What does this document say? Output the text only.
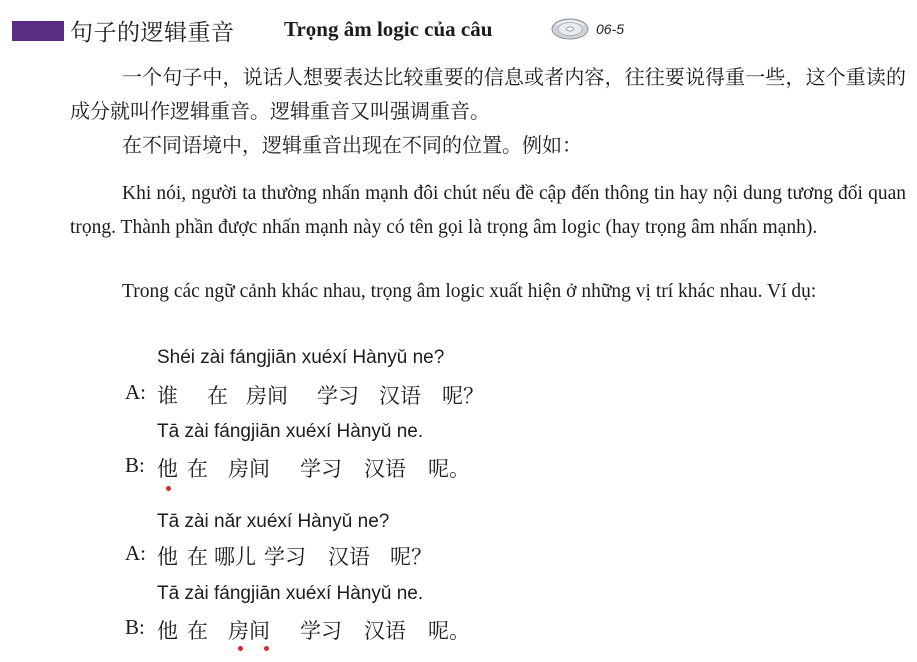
句子的逻辑重音 Trọng âm logic của câu	06-5

一个句子中，说话人想要表达比较重要的信息或者内容，往往要说得重一些，这个重读的成分就叫作逻辑重音。逻辑重音又叫强调重音。

在不同语境中，逻辑重音出现在不同的位置。例如：

Khi nói, người ta thường nhấn mạnh đôi chút nếu đề cập đến thông tin hay nội dung tương đối quan trọng. Thành phần được nhấn mạnh này có tên gọi là trọng âm logic (hay trọng âm nhấn mạnh).

Trong các ngữ cảnh khác nhau, trọng âm logic xuất hiện ở những vị trí khác nhau. Ví dụ:

Shéi zài fángjiān xuéxí Hànyǔ ne?
A: 谁 在 房间 学习 汉语 呢？
Tā zài fángjiān xuéxí Hànyǔ ne.
B: 他 在 房间 学习 汉语 呢。
Tā zài nǎr xuéxí Hànyǔ ne?
A: 他 在 哪儿 学习 汉语 呢？
Tā zài fángjiān xuéxí Hànyǔ ne.
B: 他 在 房间 学习 汉语 呢。
